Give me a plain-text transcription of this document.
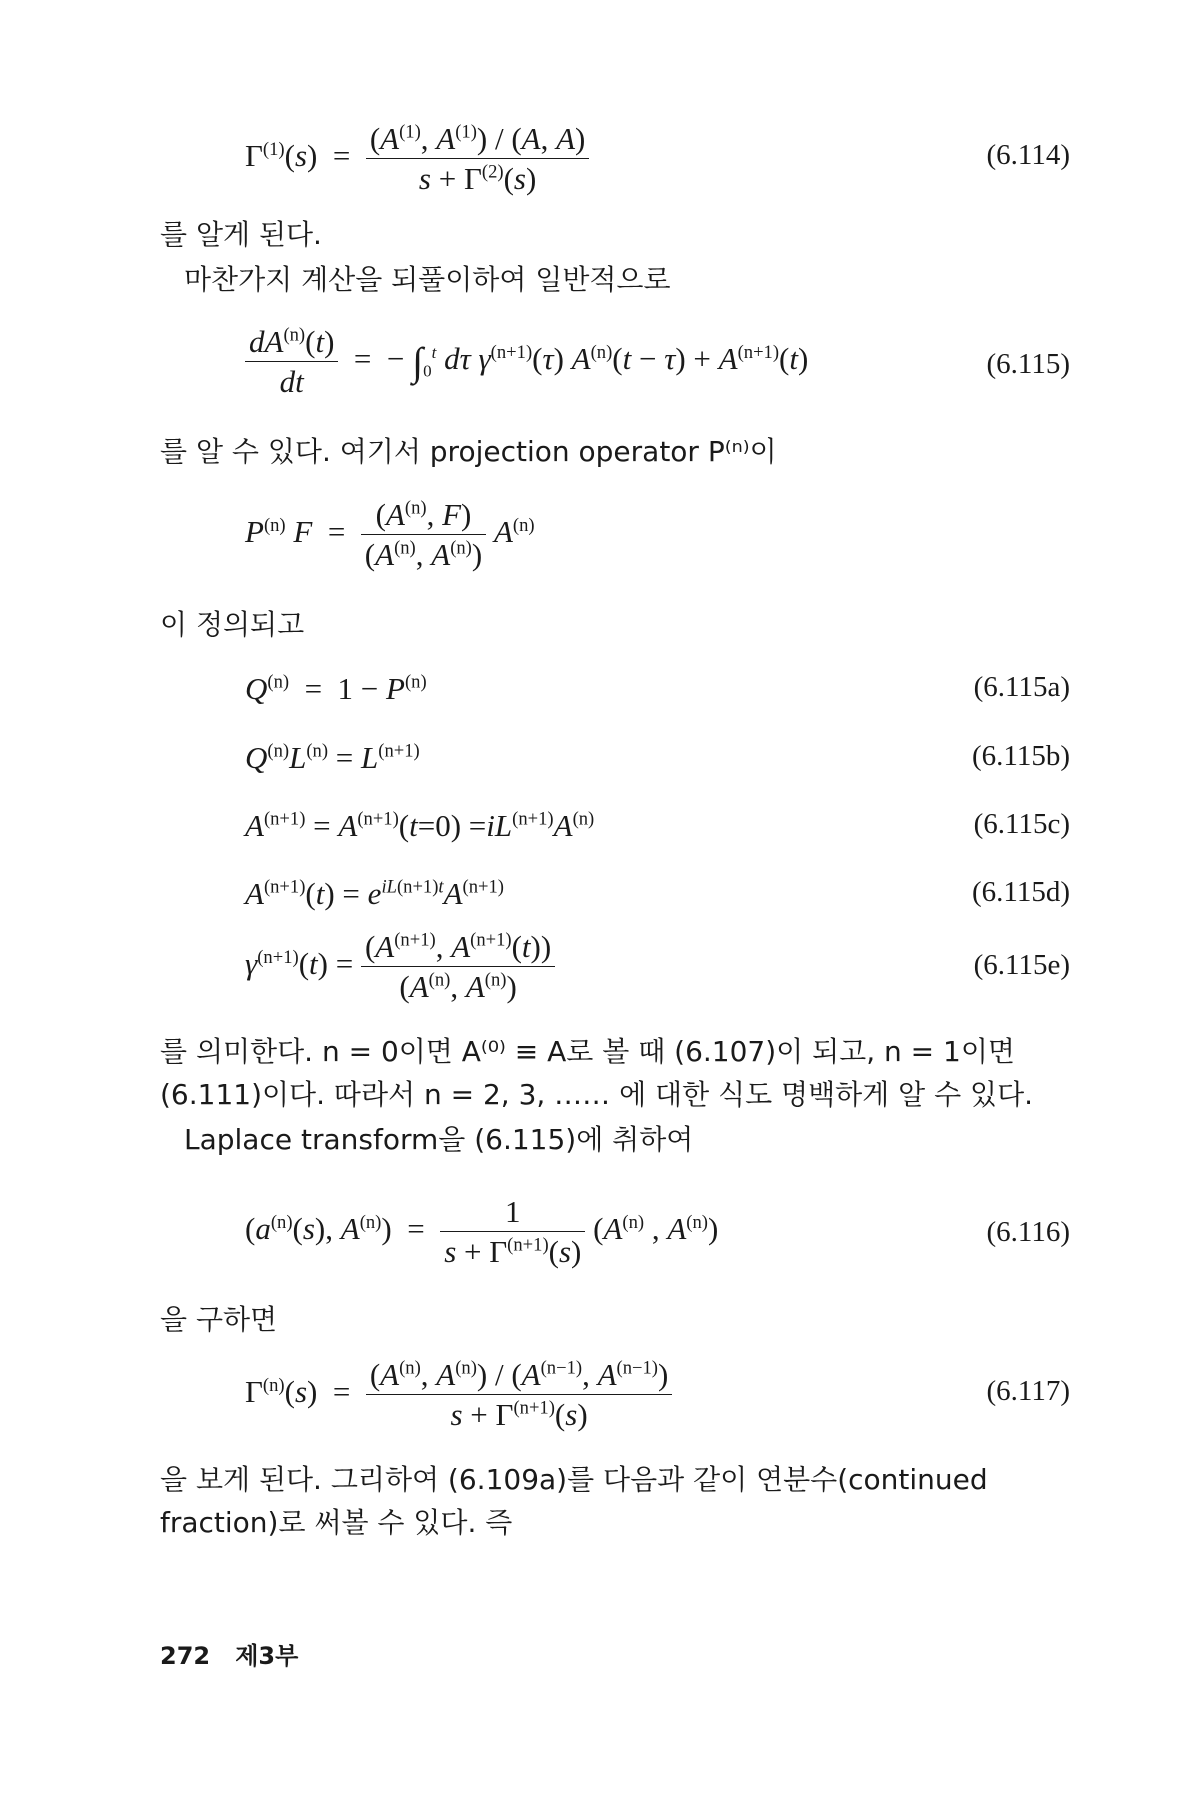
$\Gamma^{(1)}(s) = \frac{(A^{(1)}, A^{(1)}) / (A, A)}{s + \Gamma^{(2)}(s)}$	(6.114)
를 알게 된다.
마찬가지 계산을 되풀이하여 일반적으로
$\frac{dA^{(n)}(t)}{dt}$ =  − $\int_0^t$ dτ $\gamma^{(n+1)}(\tau) A^{(n)}(t - \tau) + A^{(n+1)}(t)$	(6.115)
를 알 수 있다. 여기서 projection operator P⁽ⁿ⁾이
$P^{(n)}$ $F = \frac{(A^{(n)}, F)}{(A^{(n)}, A^{(n)})} A^{(n)}$
이 정의되고
$Q^{(n)} = 1 - P^{(n)}$	(6.115a)
$Q^{(n)}L^{(n)} = L^{(n+1)}$	(6.115b)
$A^{(n+1)} = A^{(n+1)}(t=0) =iL^{(n+1)}A^{(n)}$	(6.115c)
$A^{(n+1)}(t) = e^{iL(n+1)t}A^{(n+1)}$	(6.115d)
$\gamma^{(n+1)}(t) = \frac{(A^{(n+1)}, A^{(n+1)}(t))}{(A^{(n)}, A^{(n)})}$	(6.115e)
를 의미한다. n = 0이면 A⁽⁰⁾ ≡ A로 볼 때 (6.107)이 되고, n = 1이면 (6.111)이다. 따라서 n = 2, 3, …… 에 대한 식도 명백하게 알 수 있다.
Laplace transform을 (6.115)에 취하여
($a^{(n)}(s)$, $A^{(n)}) = \frac{1}{s + \Gamma^{(n+1)}(s)} (A^{(n)}$ , $A^{(n)}$)	(6.116)
을 구하면
$\Gamma^{(n)}(s) = \frac{(A^{(n)}, A^{(n)}) / (A^{(n-1)}, A^{(n-1)})}{s + \Gamma^{(n+1)}(s)}$	(6.117)
을 보게 된다. 그리하여 (6.109a)를 다음과 같이 연분수(continued fraction)로 써볼 수 있다. 즉
272 제3부
